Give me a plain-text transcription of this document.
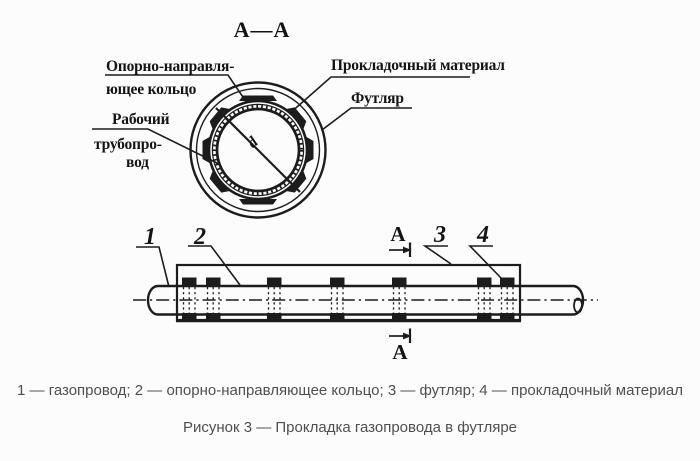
А—А
d
Опорно-направля-
ющее кольцо
Рабочий
трубопро-
вод
Прокладочный материал
Футляр
1 2	3 4
А
А
1 — газопровод; 2 — опорно-направляющее кольцо; 3 — футляр; 4 — прокладочный материал
Рисунок 3 — Прокладка газопровода в футляре
